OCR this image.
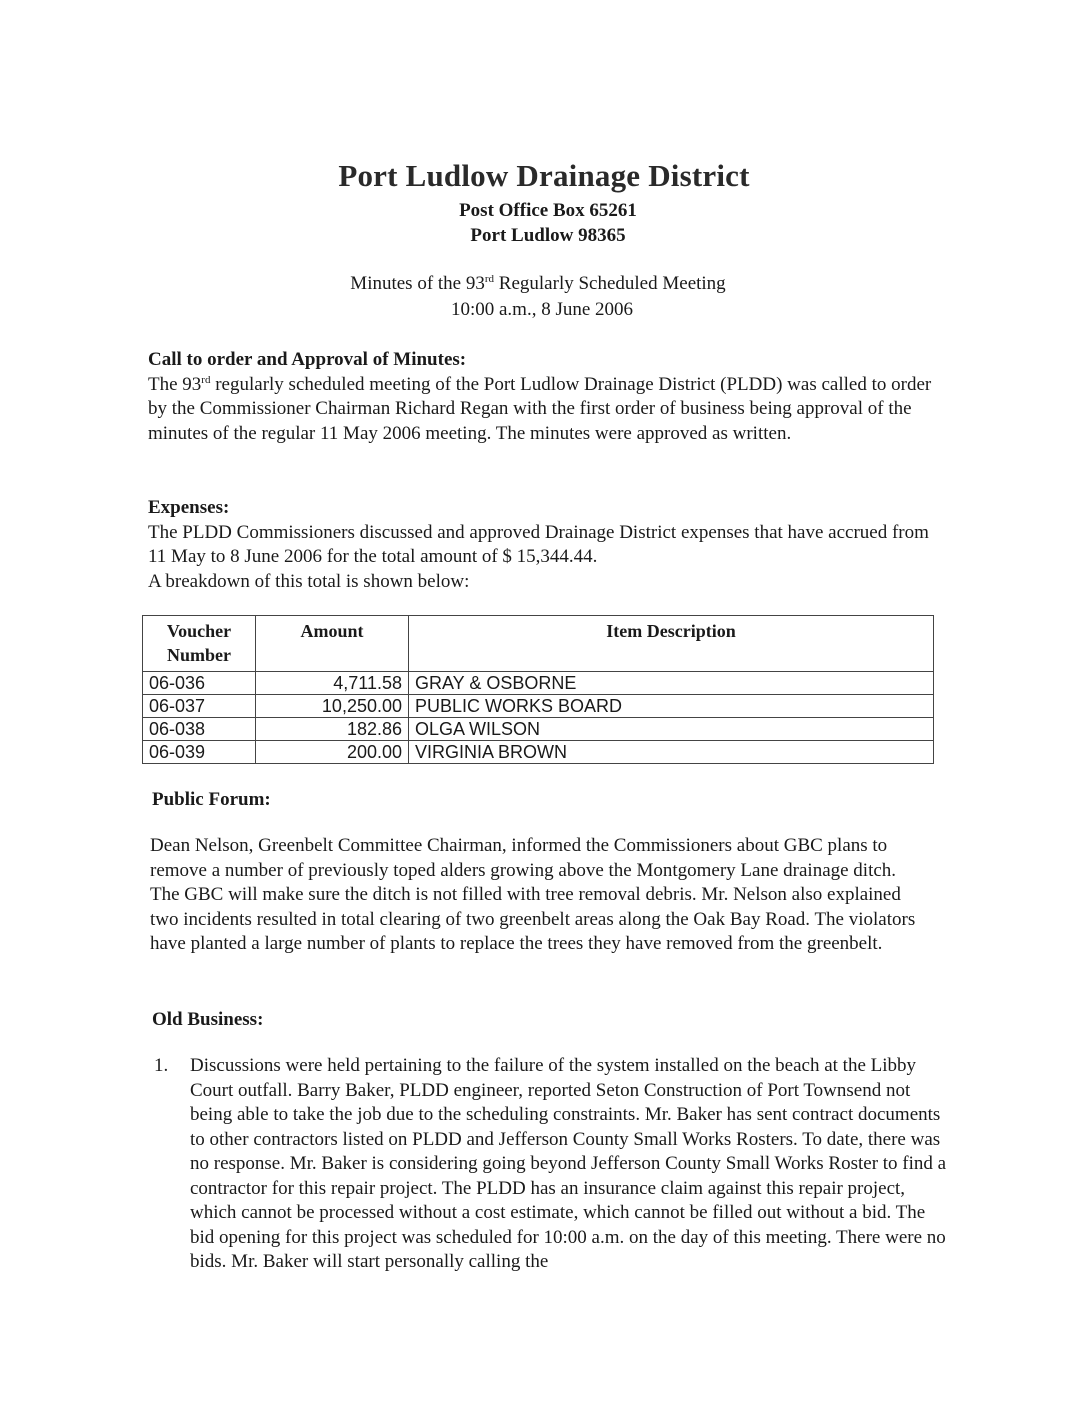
Port Ludlow Drainage District
Post Office Box 65261
Port Ludlow 98365
Minutes of the 93rd Regularly Scheduled Meeting
10:00 a.m., 8 June 2006
Call to order and Approval of Minutes:

The 93rd regularly scheduled meeting of the Port Ludlow Drainage District (PLDD) was called to order by the Commissioner Chairman Richard Regan with the first order of business being approval of the minutes of the regular 11 May 2006 meeting. The minutes were approved as written.

Expenses:

The PLDD Commissioners discussed and approved Drainage District expenses that have accrued from 11 May to 8 June 2006 for the total amount of $ 15,344.44.

A breakdown of this total is shown below:

Voucher Number	Amount	Item Description
06-036	4,711.58	GRAY & OSBORNE
06-037	10,250.00	PUBLIC WORKS BOARD
06-038	182.86	OLGA WILSON
06-039	200.00	VIRGINIA BROWN
Public Forum:

Dean Nelson, Greenbelt Committee Chairman, informed the Commissioners about GBC plans to remove a number of previously toped alders growing above the Montgomery Lane drainage ditch. The GBC will make sure the ditch is not filled with tree removal debris. Mr. Nelson also explained two incidents resulted in total clearing of two greenbelt areas along the Oak Bay Road. The violators have planted a large number of plants to replace the trees they have removed from the greenbelt.

Old Business:
1. Discussions were held pertaining to the failure of the system installed on the beach at the Libby Court outfall. Barry Baker, PLDD engineer, reported Seton Construction of Port Townsend not being able to take the job due to the scheduling constraints. Mr. Baker has sent contract documents to other contractors listed on PLDD and Jefferson County Small Works Rosters. To date, there was no response. Mr. Baker is considering going beyond Jefferson County Small Works Roster to find a contractor for this repair project. The PLDD has an insurance claim against this repair project, which cannot be processed without a cost estimate, which cannot be filled out without a bid. The bid opening for this project was scheduled for 10:00 a.m. on the day of this meeting. There were no bids. Mr. Baker will start personally calling the
